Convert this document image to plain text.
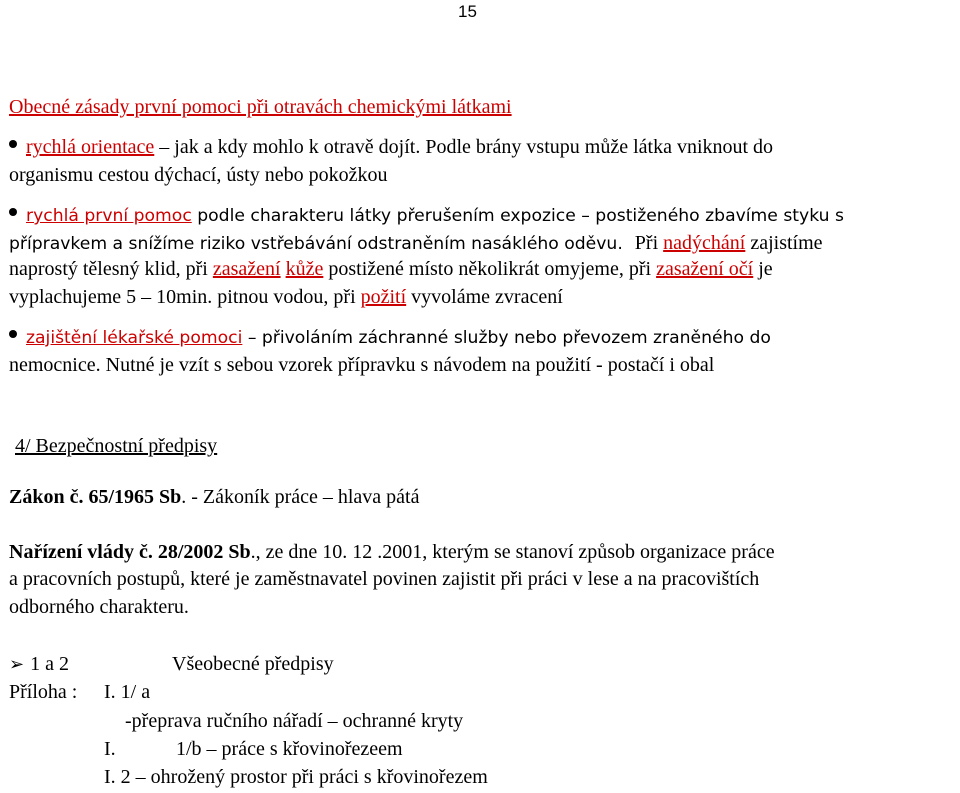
15
Obecné zásady první pomoci při otravách chemickými látkami
rychlá orientace – jak a kdy mohlo k otravě dojít. Podle brány vstupu může látka vniknout do
organismu cestou dýchací, ústy nebo pokožkou
rychlá první pomoc podle charakteru látky přerušením expozice – postiženého zbavíme styku s
přípravkem a snížíme riziko vstřebávání odstraněním nasáklého oděvu. Při nadýchání zajistíme
naprostý tělesný klid, při zasažení kůže postižené místo několikrát omyjeme, při zasažení očí je
vyplachujeme 5 – 10min. pitnou vodou, při požití vyvoláme zvracení
zajištění lékařské pomoci – přivoláním záchranné služby nebo převozem zraněného do
nemocnice. Nutné je vzít s sebou vzorek přípravku s návodem na použití - postačí i obal
4/ Bezpečnostní předpisy
Zákon č. 65/1965 Sb. - Zákoník práce – hlava pátá
Nařízení vlády č. 28/2002 Sb., ze dne 10. 12 .2001, kterým se stanoví způsob organizace práce
a pracovních postupů, které je zaměstnavatel povinen zajistit při práci v lese a na pracovištích
odborného charakteru.
➢ 1 a 2	Všeobecné předpisy
Příloha : I. 1/ a
-přeprava ručního nářadí – ochranné kryty
I.	1/b – práce s křovinořezeem
I. 2 – ohrožený prostor při práci s křovinořezem
